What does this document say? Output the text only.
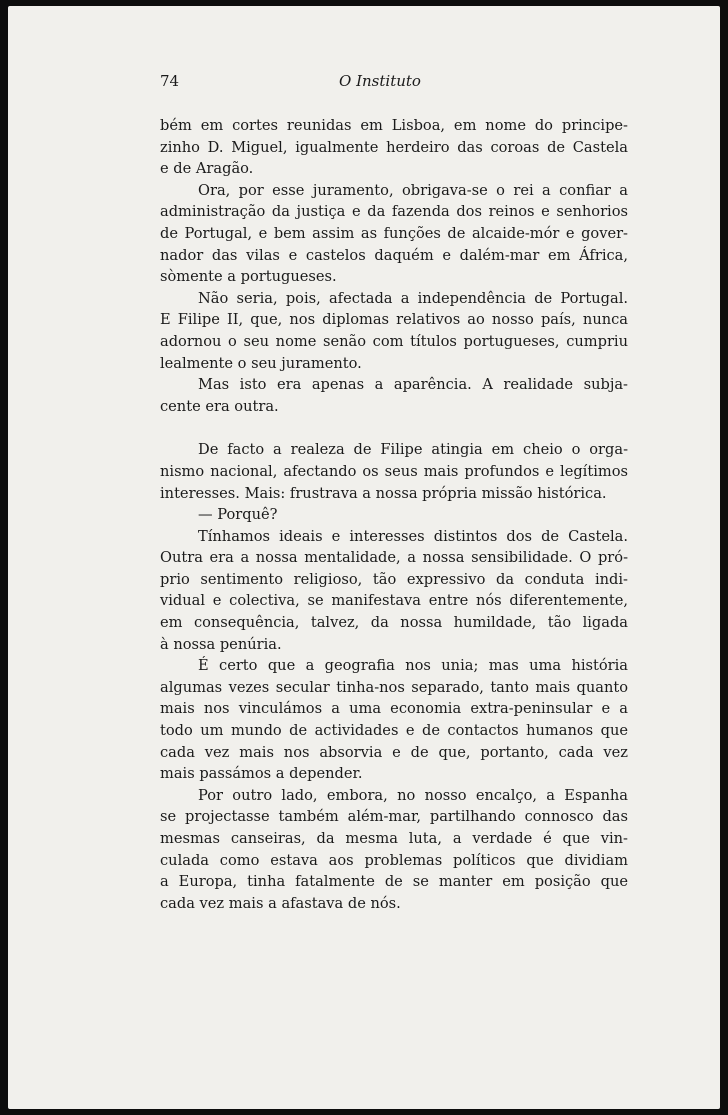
74	O Instituto
bém em cortes reunidas em Lisboa, em nome do principe-
zinho D. Miguel, igualmente herdeiro das coroas de Castela
e de Aragão.
Ora, por esse juramento, obrigava-se o rei a confiar a
administração da justiça e da fazenda dos reinos e senhorios
de Portugal, e bem assim as funções de alcaide-mór e gover-
nador das vilas e castelos daquém e dalém-mar em África,
sòmente a portugueses.
Não seria, pois, afectada a independência de Portugal.
E Filipe II, que, nos diplomas relativos ao nosso país, nunca
adornou o seu nome senão com títulos portugueses, cumpriu
lealmente o seu juramento.
Mas isto era apenas a aparência. A realidade subja-
cente era outra.
De facto a realeza de Filipe atingia em cheio o orga-
nismo nacional, afectando os seus mais profundos e legítimos
interesses. Mais: frustrava a nossa própria missão histórica.
— Porquê?
Tínhamos ideais e interesses distintos dos de Castela.
Outra era a nossa mentalidade, a nossa sensibilidade. O pró-
prio sentimento religioso, tão expressivo da conduta indi-
vidual e colectiva, se manifestava entre nós diferentemente,
em consequência, talvez, da nossa humildade, tão ligada
à nossa penúria.
É certo que a geografia nos unia; mas uma história
algumas vezes secular tinha-nos separado, tanto mais quanto
mais nos vinculámos a uma economia extra-peninsular e a
todo um mundo de actividades e de contactos humanos que
cada vez mais nos absorvia e de que, portanto, cada vez
mais passámos a depender.
Por outro lado, embora, no nosso encalço, a Espanha
se projectasse também além-mar, partilhando connosco das
mesmas canseiras, da mesma luta, a verdade é que vin-
culada como estava aos problemas políticos que dividiam
a Europa, tinha fatalmente de se manter em posição que
cada vez mais a afastava de nós.
